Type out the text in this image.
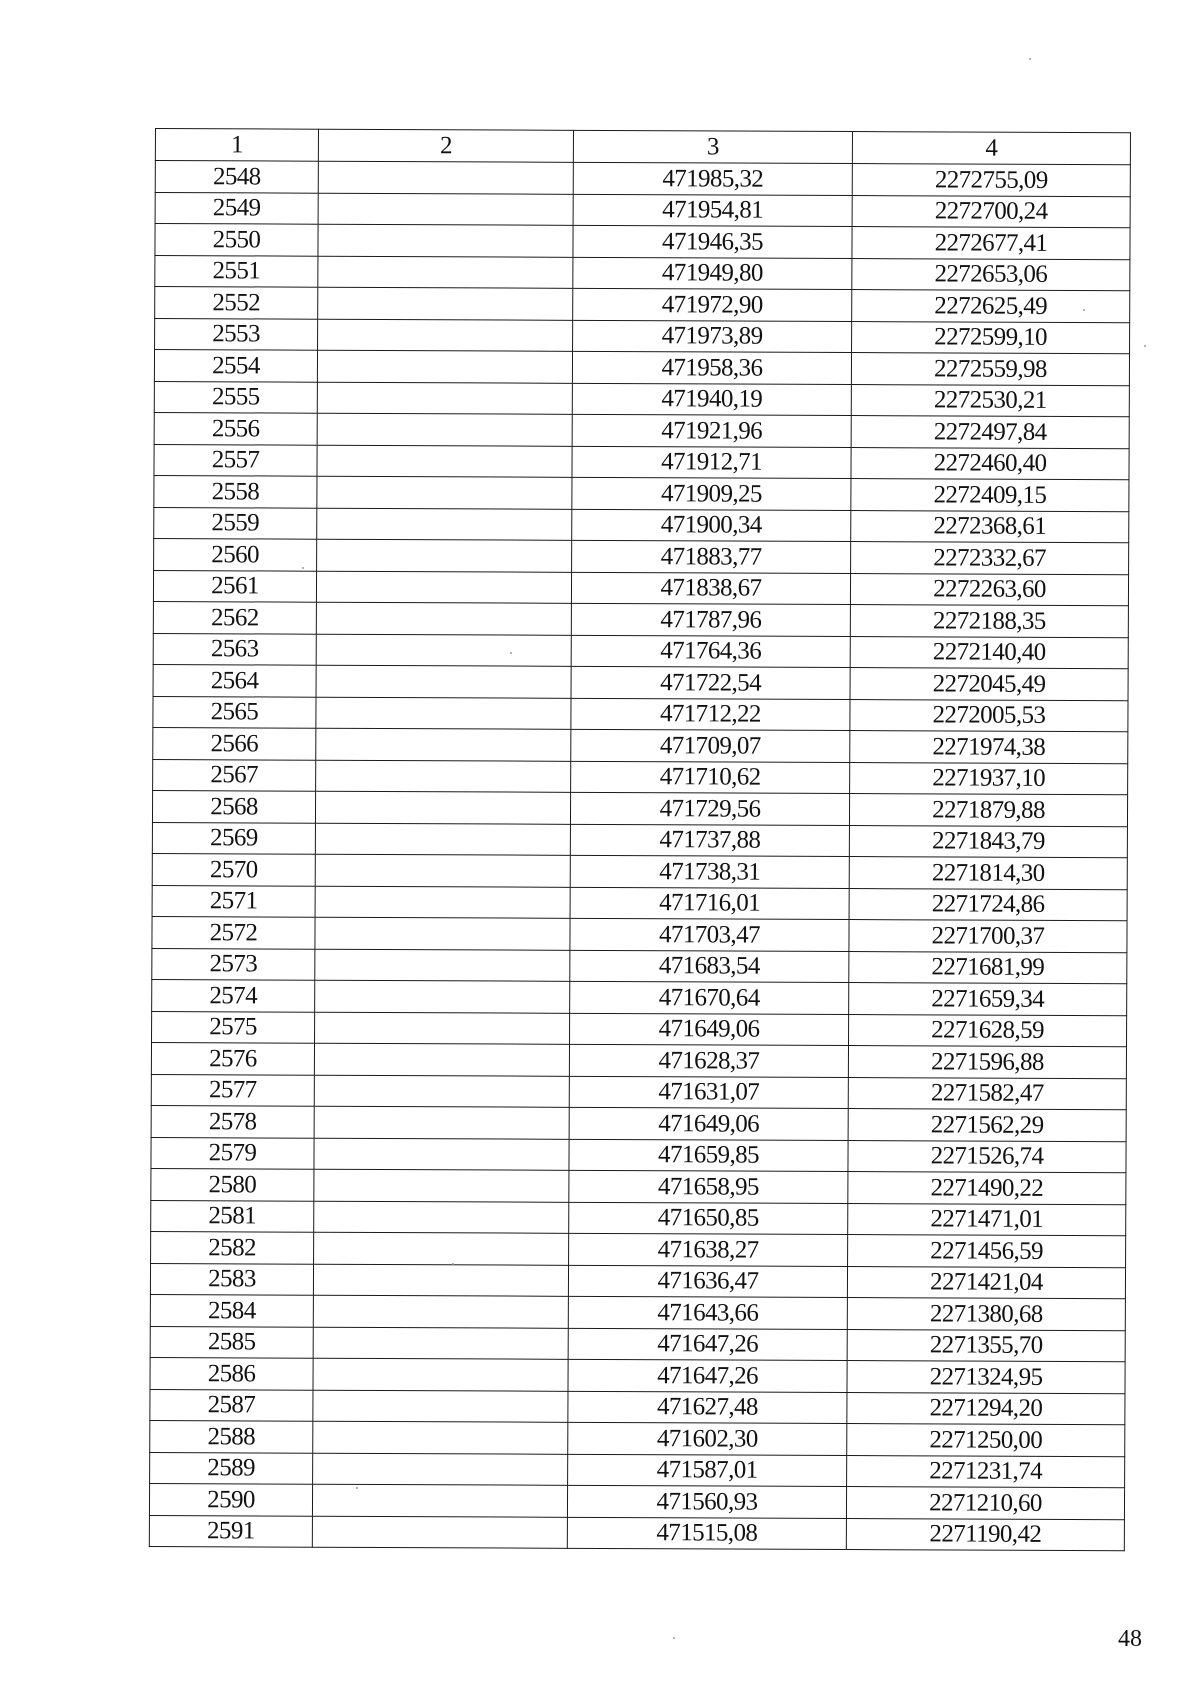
1	2	3	4
2548		471985,32	2272755,09
2549		471954,81	2272700,24
2550		471946,35	2272677,41
2551		471949,80	2272653,06
2552		471972,90	2272625,49
2553		471973,89	2272599,10
2554		471958,36	2272559,98
2555		471940,19	2272530,21
2556		471921,96	2272497,84
2557		471912,71	2272460,40
2558		471909,25	2272409,15
2559		471900,34	2272368,61
2560		471883,77	2272332,67
2561		471838,67	2272263,60
2562		471787,96	2272188,35
2563		471764,36	2272140,40
2564		471722,54	2272045,49
2565		471712,22	2272005,53
2566		471709,07	2271974,38
2567		471710,62	2271937,10
2568		471729,56	2271879,88
2569		471737,88	2271843,79
2570		471738,31	2271814,30
2571		471716,01	2271724,86
2572		471703,47	2271700,37
2573		471683,54	2271681,99
2574		471670,64	2271659,34
2575		471649,06	2271628,59
2576		471628,37	2271596,88
2577		471631,07	2271582,47
2578		471649,06	2271562,29
2579		471659,85	2271526,74
2580		471658,95	2271490,22
2581		471650,85	2271471,01
2582		471638,27	2271456,59
2583		471636,47	2271421,04
2584		471643,66	2271380,68
2585		471647,26	2271355,70
2586		471647,26	2271324,95
2587		471627,48	2271294,20
2588		471602,30	2271250,00
2589		471587,01	2271231,74
2590		471560,93	2271210,60
2591		471515,08	2271190,42
48
